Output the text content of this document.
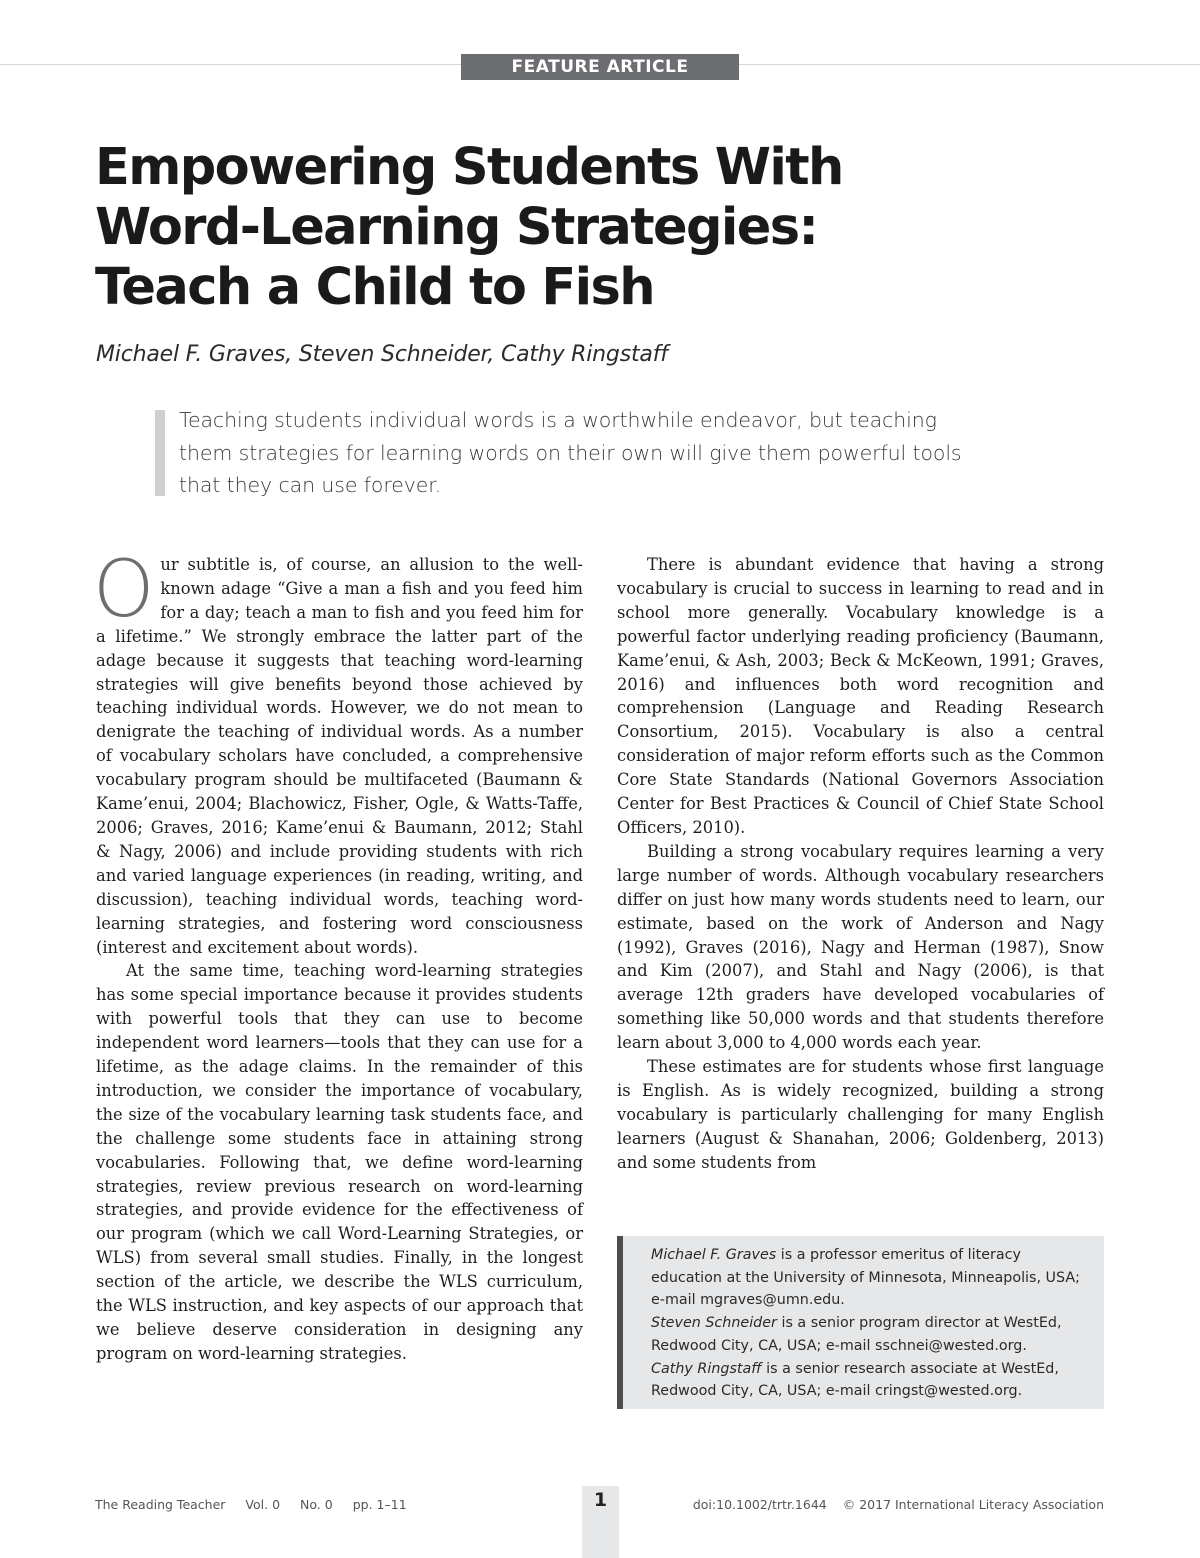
FEATURE ARTICLE
Empowering Students With
Word-Learning Strategies:
Teach a Child to Fish
Michael F. Graves, Steven Schneider, Cathy Ringstaff

Teaching students individual words is a worthwhile endeavor, but teaching
them strategies for learning words on their own will give them powerful tools
that they can use forever.

Our subtitle is, of course, an allusion to the well-known adage “Give a man a fish and you feed him for a day; teach a man to fish and you feed him for a lifetime.” We strongly embrace the latter part of the adage because it suggests that teaching word-learning strategies will give benefits beyond those achieved by teaching individual words. However, we do not mean to denigrate the teaching of individual words. As a number of vocabulary scholars have concluded, a comprehensive vocabulary program should be multifaceted (Baumann & Kame’enui, 2004; Blachowicz, Fisher, Ogle, & Watts-Taffe, 2006; Graves, 2016; Kame’enui & Baumann, 2012; Stahl & Nagy, 2006) and include providing students with rich and varied language experiences (in reading, writing, and discussion), teaching individual words, teaching word-learning strategies, and fostering word consciousness (interest and excitement about words).

At the same time, teaching word-learning strategies has some special importance because it provides students with powerful tools that they can use to become independent word learners—tools that they can use for a lifetime, as the adage claims. In the remainder of this introduction, we consider the importance of vocabulary, the size of the vocabulary learning task students face, and the challenge some students face in attaining strong vocabularies. Following that, we define word-learning strategies, review previous research on word-learning strategies, and provide evidence for the effectiveness of our program (which we call Word-Learning Strategies, or WLS) from several small studies. Finally, in the longest section of the article, we describe the WLS curriculum, the WLS instruction, and key aspects of our approach that we believe deserve consideration in designing any program on word-learning strategies.

There is abundant evidence that having a strong vocabulary is crucial to success in learning to read and in school more generally. Vocabulary knowledge is a powerful factor underlying reading proficiency (Baumann, Kame’enui, & Ash, 2003; Beck & McKeown, 1991; Graves, 2016) and influences both word recognition and comprehension (Language and Reading Research Consortium, 2015). Vocabulary is also a central consideration of major reform efforts such as the Common Core State Standards (National Governors Association Center for Best Practices & Council of Chief State School Officers, 2010).

Building a strong vocabulary requires learning a very large number of words. Although vocabulary researchers differ on just how many words students need to learn, our estimate, based on the work of Anderson and Nagy (1992), Graves (2016), Nagy and Herman (1987), Snow and Kim (2007), and Stahl and Nagy (2006), is that average 12th graders have developed vocabularies of something like 50,000 words and that students therefore learn about 3,000 to 4,000 words each year.

These estimates are for students whose first language is English. As is widely recognized, building a strong vocabulary is particularly challenging for many English learners (August & Shanahan, 2006; Goldenberg, 2013) and some students from

Michael F. Graves is a professor emeritus of literacy education at the University of Minnesota, Minneapolis, USA; e-mail mgraves@umn.edu.

Steven Schneider is a senior program director at WestEd, Redwood City, CA, USA; e-mail sschnei@wested.org.

Cathy Ringstaff is a senior research associate at WestEd, Redwood City, CA, USA; e-mail cringst@wested.org.

The Reading Teacher Vol. 0 No. 0 pp. 1–11	1	doi:10.1002/trtr.1644 © 2017 International Literacy Association
